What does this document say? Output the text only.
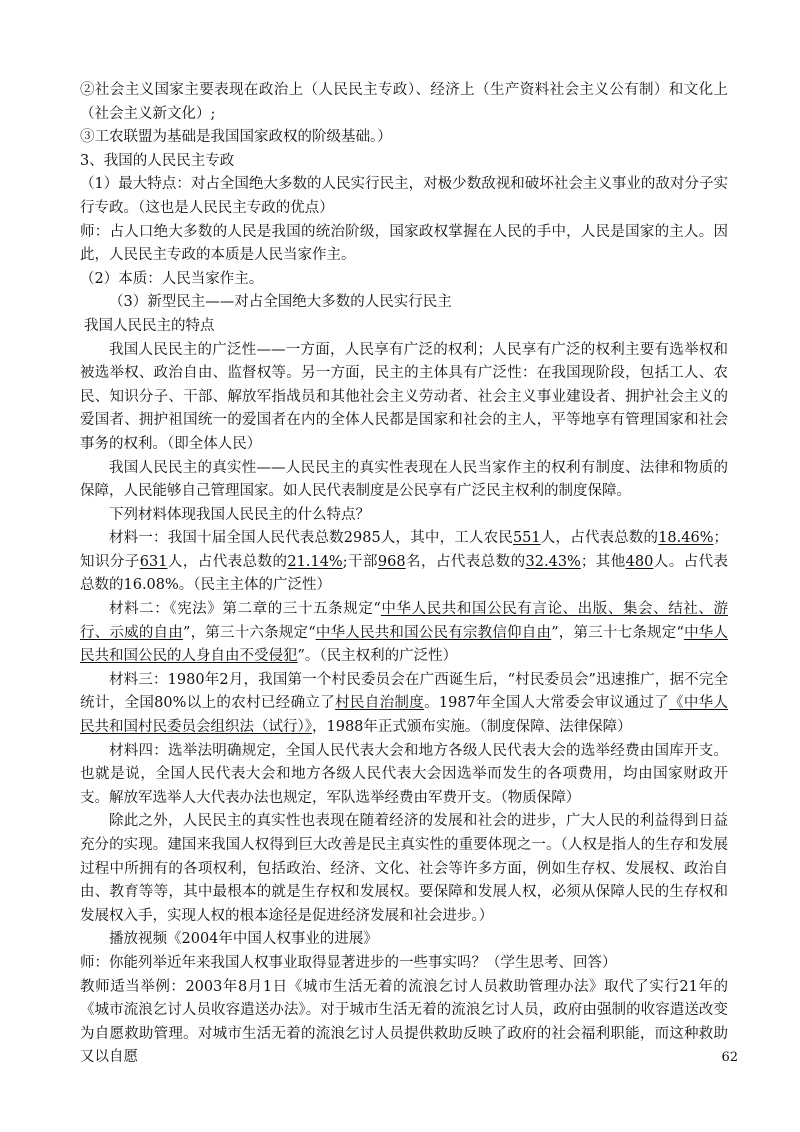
②社会主义国家主要表现在政治上（人民民主专政）、经济上（生产资料社会主义公有制）和文化上（社会主义新文化）;

③工农联盟为基础是我国国家政权的阶级基础。）

3、我国的人民民主专政

（1）最大特点：对占全国绝大多数的人民实行民主，对极少数敌视和破坏社会主义事业的敌对分子实行专政。（这也是人民民主专政的优点）

师：占人口绝大多数的人民是我国的统治阶级，国家政权掌握在人民的手中，人民是国家的主人。因此，人民民主专政的本质是人民当家作主。

（2）本质：人民当家作主。

（3）新型民主——对占全国绝大多数的人民实行民主

我国人民民主的特点

我国人民民主的广泛性——一方面，人民享有广泛的权利；人民享有广泛的权利主要有选举权和被选举权、政治自由、监督权等。另一方面，民主的主体具有广泛性：在我国现阶段，包括工人、农民、知识分子、干部、解放军指战员和其他社会主义劳动者、社会主义事业建设者、拥护社会主义的爱国者、拥护祖国统一的爱国者在内的全体人民都是国家和社会的主人，平等地享有管理国家和社会事务的权利。（即全体人民）

我国人民民主的真实性——人民民主的真实性表现在人民当家作主的权利有制度、法律和物质的保障，人民能够自己管理国家。如人民代表制度是公民享有广泛民主权利的制度保障。

下列材料体现我国人民民主的什么特点？

材料一：我国十届全国人民代表总数2985人，其中，工人农民551人，占代表总数的18.46%；知识分子631人，占代表总数的21.14%;干部968名，占代表总数的32.43%；其他480人。占代表总数的16.08%。（民主主体的广泛性）

材料二：《宪法》第二章的三十五条规定“中华人民共和国公民有言论、出版、集会、结社、游行、示威的自由”，第三十六条规定“中华人民共和国公民有宗教信仰自由”，第三十七条规定“中华人民共和国公民的人身自由不受侵犯”。（民主权利的广泛性）

材料三：1980年2月，我国第一个村民委员会在广西诞生后，“村民委员会”迅速推广，据不完全统计，全国80%以上的农村已经确立了村民自治制度。1987年全国人大常委会审议通过了《中华人民共和国村民委员会组织法（试行）》，1988年正式颁布实施。（制度保障、法律保障）

材料四：选举法明确规定，全国人民代表大会和地方各级人民代表大会的选举经费由国库开支。也就是说，全国人民代表大会和地方各级人民代表大会因选举而发生的各项费用，均由国家财政开支。解放军选举人大代表办法也规定，军队选举经费由军费开支。（物质保障）

除此之外，人民民主的真实性也表现在随着经济的发展和社会的进步，广大人民的利益得到日益充分的实现。建国来我国人权得到巨大改善是民主真实性的重要体现之一。（人权是指人的生存和发展过程中所拥有的各项权利，包括政治、经济、文化、社会等许多方面，例如生存权、发展权、政治自由、教育等等，其中最根本的就是生存权和发展权。要保障和发展人权，必须从保障人民的生存权和发展权入手，实现人权的根本途径是促进经济发展和社会进步。）

播放视频《2004年中国人权事业的进展》

师：你能列举近年来我国人权事业取得显著进步的一些事实吗？（学生思考、回答）

教师适当举例：2003年8月1日《城市生活无着的流浪乞讨人员救助管理办法》取代了实行21年的《城市流浪乞讨人员收容遣送办法》。对于城市生活无着的流浪乞讨人员，政府由强制的收容遣送改变为自愿救助管理。对城市生活无着的流浪乞讨人员提供救助反映了政府的社会福利职能，而这种救助又以自愿	62
